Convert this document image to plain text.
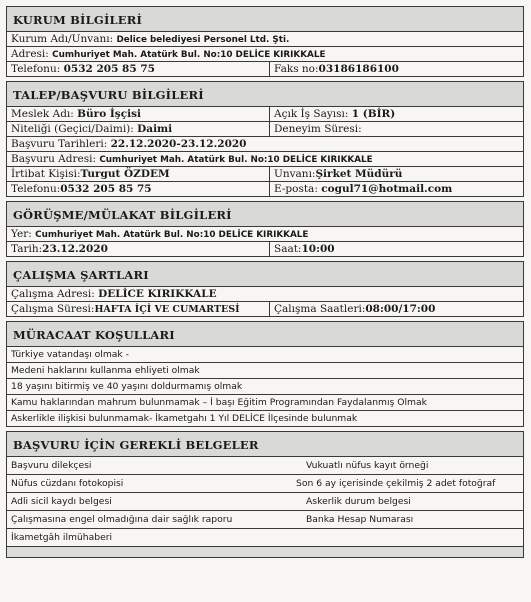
KURUM BİLGİLERİ
Kurum Adı/Unvanı: Delice belediyesi Personel Ltd. Şti.
Adresi: Cumhuriyet Mah. Atatürk Bul. No:10 DELİCE KIRIKKALE
Telefonu: 0532 205 85 75	Faks no:03186186100
TALEP/BAŞVURU BİLGİLERİ
Meslek Adı: Büro İşçisi	Açık İş Sayısı: 1 (BİR)
Niteliği (Geçici/Daimi): Daimi	Deneyim Süresi:
Başvuru Tarihleri: 22.12.2020-23.12.2020
Başvuru Adresi: Cumhuriyet Mah. Atatürk Bul. No:10 DELİCE KIRIKKALE
İrtibat Kişisi:Turgut ÖZDEM	Unvanı:Şirket Müdürü
Telefonu:0532 205 85 75	E-posta: cogul71@hotmail.com
GÖRÜŞME/MÜLAKAT BİLGİLERİ
Yer: Cumhuriyet Mah. Atatürk Bul. No:10 DELİCE KIRIKKALE
Tarih:23.12.2020	Saat:10:00
ÇALIŞMA ŞARTLARI
Çalışma Adresi: DELİCE KIRIKKALE
Çalışma Süresi:HAFTA İÇİ VE CUMARTESİ	Çalışma Saatleri:08:00/17:00
MÜRACAAT KOŞULLARI
Türkiye vatandaşı olmak -
Medeni haklarını kullanma ehliyeti olmak
18 yaşını bitirmiş ve 40 yaşını doldurmamış olmak
Kamu haklarından mahrum bulunmamak – İ başı Eğitim Programından Faydalanmış Olmak
Askerlikle ilişkisi bulunmamak- İkametgahı 1 Yıl DELİCE İlçesinde bulunmak
BAŞVURU İÇİN GEREKLİ BELGELER
Başvuru dilekçesi	Vukuatlı nüfus kayıt örneği
Nüfus cüzdanı fotokopisi	Son 6 ay içerisinde çekilmiş 2 adet fotoğraf
Adli sicil kaydı belgesi	Askerlik durum belgesi
Çalışmasına engel olmadığına dair sağlık raporu	Banka Hesap Numarası
İkametgâh ilmühaberi
